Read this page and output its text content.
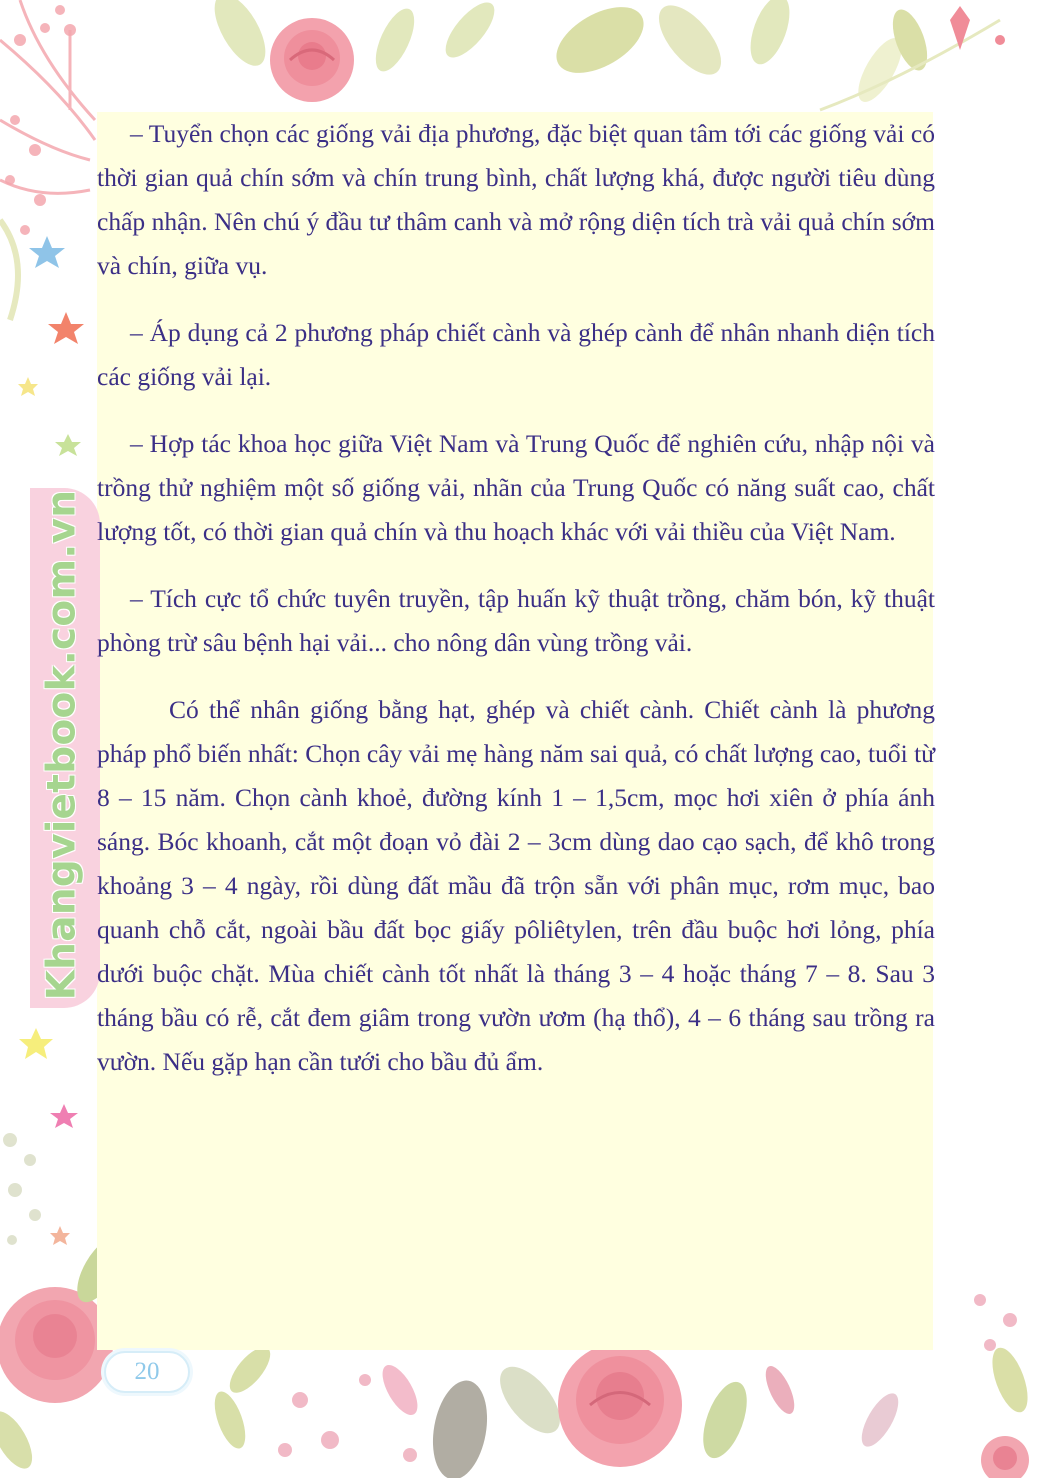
Khangvietbook.com.vn

– Tuyển chọn các giống vải địa phương, đặc biệt quan tâm tới các giống vải có thời gian quả chín sớm và chín trung bình, chất lượng khá, được người tiêu dùng chấp nhận. Nên chú ý đầu tư thâm canh và mở rộng diện tích trà vải quả chín sớm và chín, giữa vụ.

– Áp dụng cả 2 phương pháp chiết cành và ghép cành để nhân nhanh diện tích các giống vải lại.

– Hợp tác khoa học giữa Việt Nam và Trung Quốc để nghiên cứu, nhập nội và trồng thử nghiệm một số giống vải, nhãn của Trung Quốc có năng suất cao, chất lượng tốt, có thời gian quả chín và thu hoạch khác với vải thiều của Việt Nam.

– Tích cực tổ chức tuyên truyền, tập huấn kỹ thuật trồng, chăm bón, kỹ thuật phòng trừ sâu bệnh hại vải... cho nông dân vùng trồng vải.

Có thể nhân giống bằng hạt, ghép và chiết cành. Chiết cành là phương pháp phổ biến nhất: Chọn cây vải mẹ hàng năm sai quả, có chất lượng cao, tuổi từ 8 – 15 năm. Chọn cành khoẻ, đường kính 1 – 1,5cm, mọc hơi xiên ở phía ánh sáng. Bóc khoanh, cắt một đoạn vỏ đài 2 – 3cm dùng dao cạo sạch, để khô trong khoảng 3 – 4 ngày, rồi dùng đất mầu đã trộn sẵn với phân mục, rơm mục, bao quanh chỗ cắt, ngoài bầu đất bọc giấy pôliêtylen, trên đầu buộc hơi lỏng, phía dưới buộc chặt. Mùa chiết cành tốt nhất là tháng 3 – 4 hoặc tháng 7 – 8. Sau 3 tháng bầu có rễ, cắt đem giâm trong vườn ươm (hạ thổ), 4 – 6 tháng sau trồng ra vườn. Nếu gặp hạn cần tưới cho bầu đủ ẩm.

20
